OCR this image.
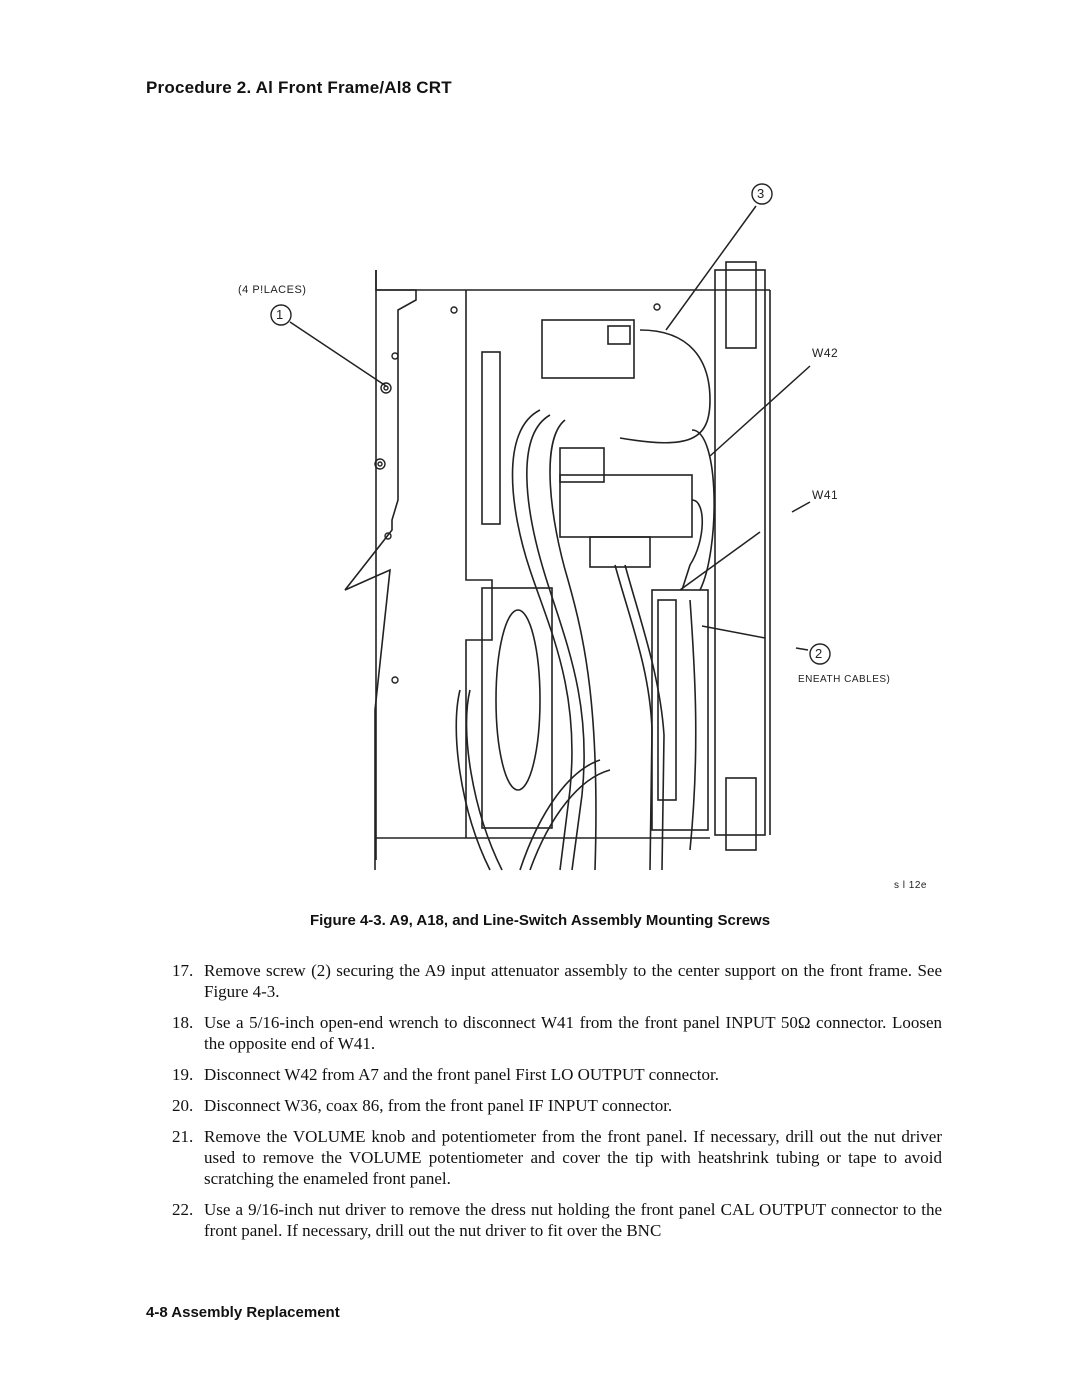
Procedure 2. Al Front Frame/Al8 CRT
1
3
2
(4 P!LACES)
W42
W41
ENEATH CABLES)
s l 12e
Figure 4-3. A9, A18, and Line-Switch Assembly Mounting Screws
17. Remove screw (2) securing the A9 input attenuator assembly to the center support on the front frame. See Figure 4-3.
18. Use a 5/16-inch open-end wrench to disconnect W41 from the front panel INPUT 50Ω connector. Loosen the opposite end of W41.
19. Disconnect W42 from A7 and the front panel First LO OUTPUT connector.
20. Disconnect W36, coax 86, from the front panel IF INPUT connector.
21. Remove the VOLUME knob and potentiometer from the front panel. If necessary, drill out the nut driver used to remove the VOLUME potentiometer and cover the tip with heatshrink tubing or tape to avoid scratching the enameled front panel.
22. Use a 9/16-inch nut driver to remove the dress nut holding the front panel CAL OUTPUT connector to the front panel. If necessary, drill out the nut driver to fit over the BNC
4-8 Assembly Replacement
